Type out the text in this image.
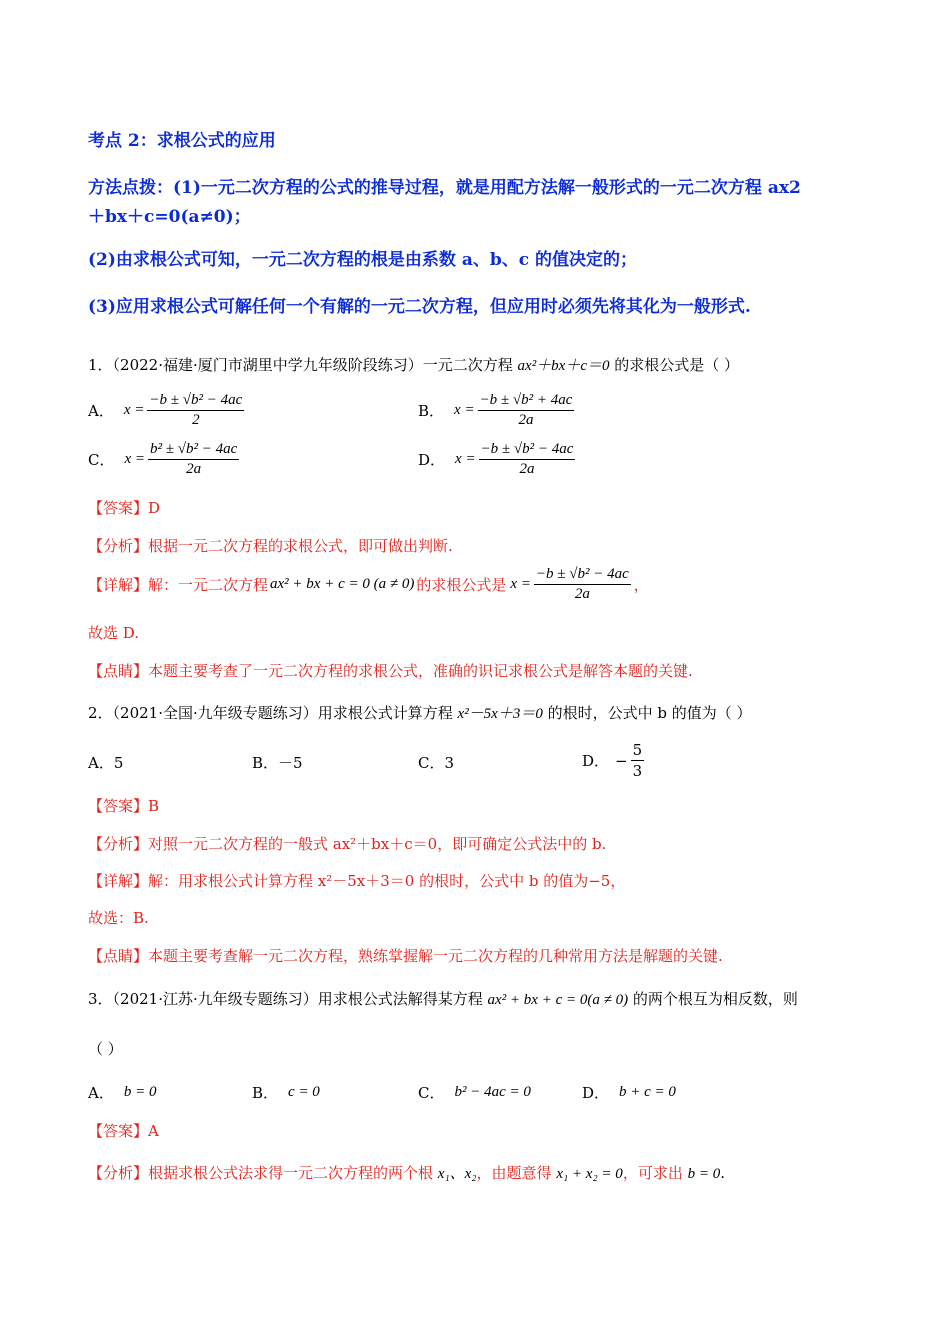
考点 2：求根公式的应用
方法点拨：(1)一元二次方程的公式的推导过程，就是用配方法解一般形式的一元二次方程 ax2
＋bx＋c=0(a≠0)；
(2)由求根公式可知，一元二次方程的根是由系数 a、b、c 的值决定的；
(3)应用求根公式可解任何一个有解的一元二次方程，但应用时必须先将其化为一般形式.
1．（2022·福建·厦门市湖里中学九年级阶段练习）一元二次方程 ax²＋bx＋c＝0 的求根公式是（ ）
A． $x = \frac{\text{−b ± √b² − 4ac}}{2}$	B． $x = \frac{\text{−b ± √b² + 4ac}}{2a}$
C． $x = \frac{\text{b² ± √b² − 4ac}}{2a}$	D． $x = \frac{\text{−b ± √b² − 4ac}}{2a}$
【答案】D
【分析】根据一元二次方程的求根公式，即可做出判断.
【详解】解：一元二次方程 ax² + bx + c = 0 (a ≠ 0) 的求根公式是 $x = \frac{\text{−b ± √b² − 4ac}}{2a}$ ，
故选 D.
【点睛】本题主要考查了一元二次方程的求根公式，准确的识记求根公式是解答本题的关键.
2．（2021·全国·九年级专题练习）用求根公式计算方程 x²－5x＋3＝0 的根时，公式中 b 的值为（ ）
A．5	B．－5	C．3	D． − $\frac{5}{3}$
【答案】B
【分析】对照一元二次方程的一般式 ax²＋bx＋c＝0，即可确定公式法中的 b.
【详解】解：用求根公式计算方程 x²－5x＋3＝0 的根时，公式中 b 的值为−5，
故选：B.
【点睛】本题主要考查解一元二次方程，熟练掌握解一元二次方程的几种常用方法是解题的关键.
3．（2021·江苏·九年级专题练习）用求根公式法解得某方程 ax² + bx + c = 0(a ≠ 0) 的两个根互为相反数，则
（ ）
A． b = 0	B． c = 0	C． b² − 4ac = 0	D． b + c = 0
【答案】A
【分析】根据求根公式法求得一元二次方程的两个根 x₁、x₂，由题意得 x₁ + x₂ = 0，可求出 b = 0.
